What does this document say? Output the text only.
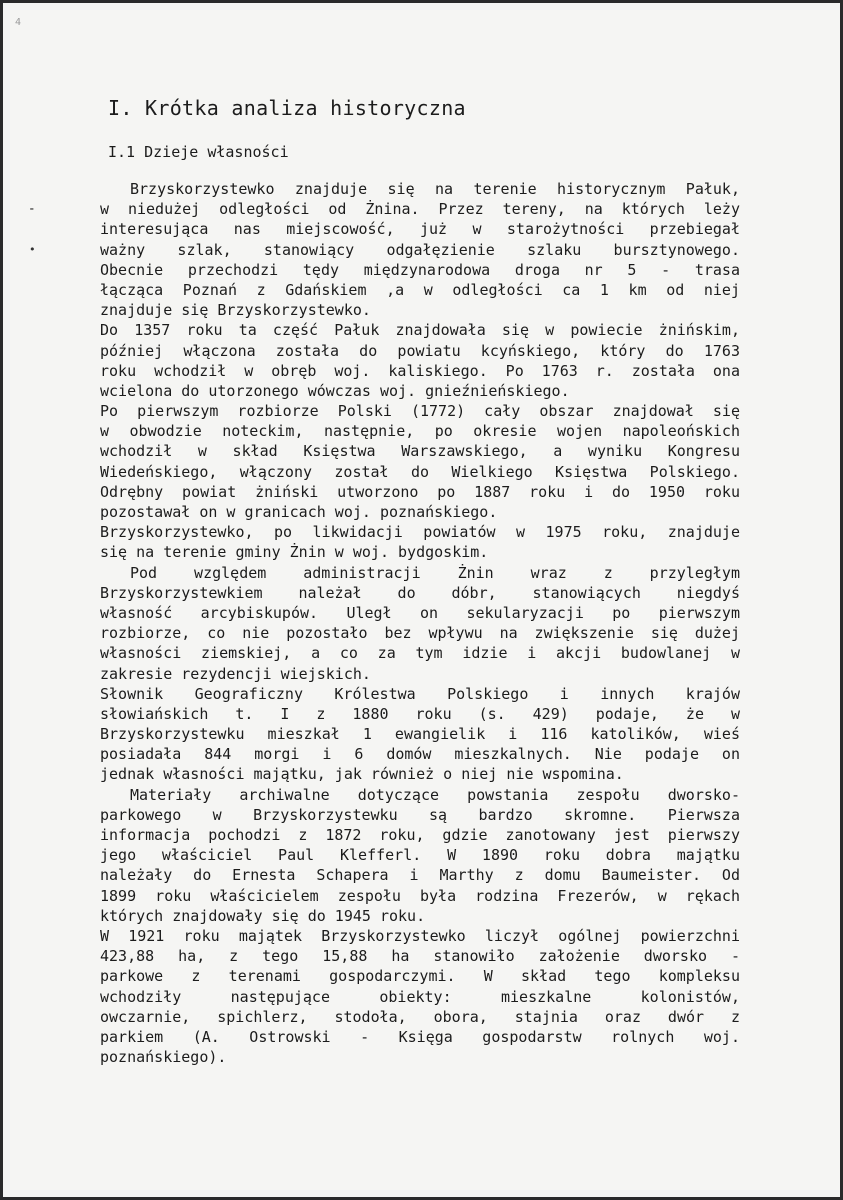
4
⁃
•
I. Krótka analiza historyczna
I.1 Dzieje własności
Brzyskorzystewko znajduje się na terenie historycznym Pałuk,
w niedużej odległości od Żnina. Przez tereny, na których leży
interesująca nas miejscowość, już w starożytności przebiegał
ważny szlak, stanowiący odgałęzienie szlaku bursztynowego.
Obecnie przechodzi tędy międzynarodowa droga nr 5 - trasa
łącząca Poznań z Gdańskiem ,a w odległości ca 1 km od niej
znajduje się Brzyskorzystewko.
Do 1357 roku ta część Pałuk znajdowała się w powiecie żnińskim,
później włączona została do powiatu kcyńskiego, który do 1763
roku wchodził w obręb woj. kaliskiego. Po 1763 r. została ona
wcielona do utorzonego wówczas woj. gnieźnieńskiego.
Po pierwszym rozbiorze Polski (1772) cały obszar znajdował się
w obwodzie noteckim, następnie, po okresie wojen napoleońskich
wchodził w skład Księstwa Warszawskiego, a wyniku Kongresu
Wiedeńskiego, włączony został do Wielkiego Księstwa Polskiego.
Odrębny powiat żniński utworzono po 1887 roku i do 1950 roku
pozostawał on w granicach woj. poznańskiego.
Brzyskorzystewko, po likwidacji powiatów w 1975 roku, znajduje
się na terenie gminy Żnin w woj. bydgoskim.
Pod względem administracji Żnin wraz z przyległym
Brzyskorzystewkiem należał do dóbr, stanowiących niegdyś
własność arcybiskupów. Uległ on sekularyzacji po pierwszym
rozbiorze, co nie pozostało bez wpływu na zwiększenie się dużej
własności ziemskiej, a co za tym idzie i akcji budowlanej w
zakresie rezydencji wiejskich.
Słownik Geograficzny Królestwa Polskiego i innych krajów
słowiańskich t. I z 1880 roku (s. 429) podaje, że w
Brzyskorzystewku mieszkał 1 ewangielik i 116 katolików, wieś
posiadała 844 morgi i 6 domów mieszkalnych. Nie podaje on
jednak własności majątku, jak również o niej nie wspomina.
Materiały archiwalne dotyczące powstania zespołu dworsko-
parkowego w Brzyskorzystewku są bardzo skromne. Pierwsza
informacja pochodzi z 1872 roku, gdzie zanotowany jest pierwszy
jego właściciel Paul Klefferl. W 1890 roku dobra majątku
należały do Ernesta Schapera i Marthy z domu Baumeister. Od
1899 roku właścicielem zespołu była rodzina Frezerów, w rękach
których znajdowały się do 1945 roku.
W 1921 roku majątek Brzyskorzystewko liczył ogólnej powierzchni
423,88 ha, z tego 15,88 ha stanowiło założenie dworsko -
parkowe z terenami gospodarczymi. W skład tego kompleksu
wchodziły następujące obiekty: mieszkalne kolonistów,
owczarnie, spichlerz, stodoła, obora, stajnia oraz dwór z
parkiem (A. Ostrowski - Księga gospodarstw rolnych woj.
poznańskiego).
